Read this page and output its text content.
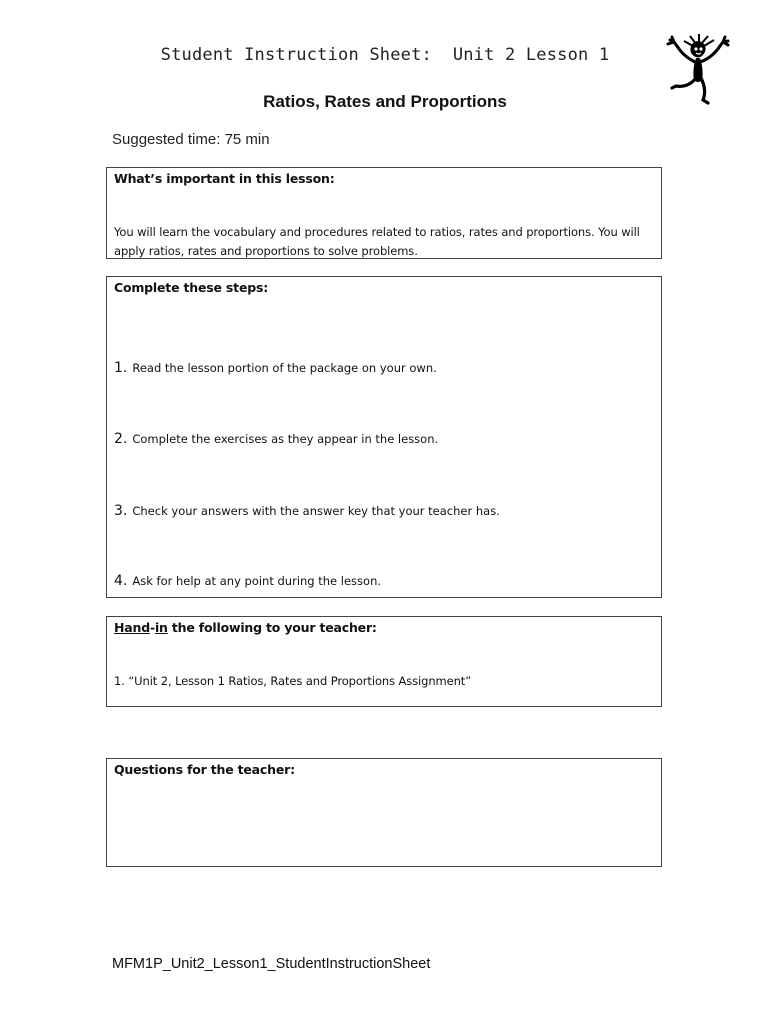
Student Instruction Sheet:  Unit 2 Lesson 1
Ratios, Rates and Proportions
Suggested time: 75 min
What’s important in this lesson:
You will learn the vocabulary and procedures related to ratios, rates and proportions. You will apply ratios, rates and proportions to solve problems.
Complete these steps:
1. Read the lesson portion of the package on your own.
2. Complete the exercises as they appear in the lesson.
3. Check your answers with the answer key that your teacher has.
4. Ask for help at any point during the lesson.
Hand-in the following to your teacher:
1. “Unit 2, Lesson 1 Ratios, Rates and Proportions Assignment”
Questions for the teacher:
MFM1P_Unit2_Lesson1_StudentInstructionSheet
